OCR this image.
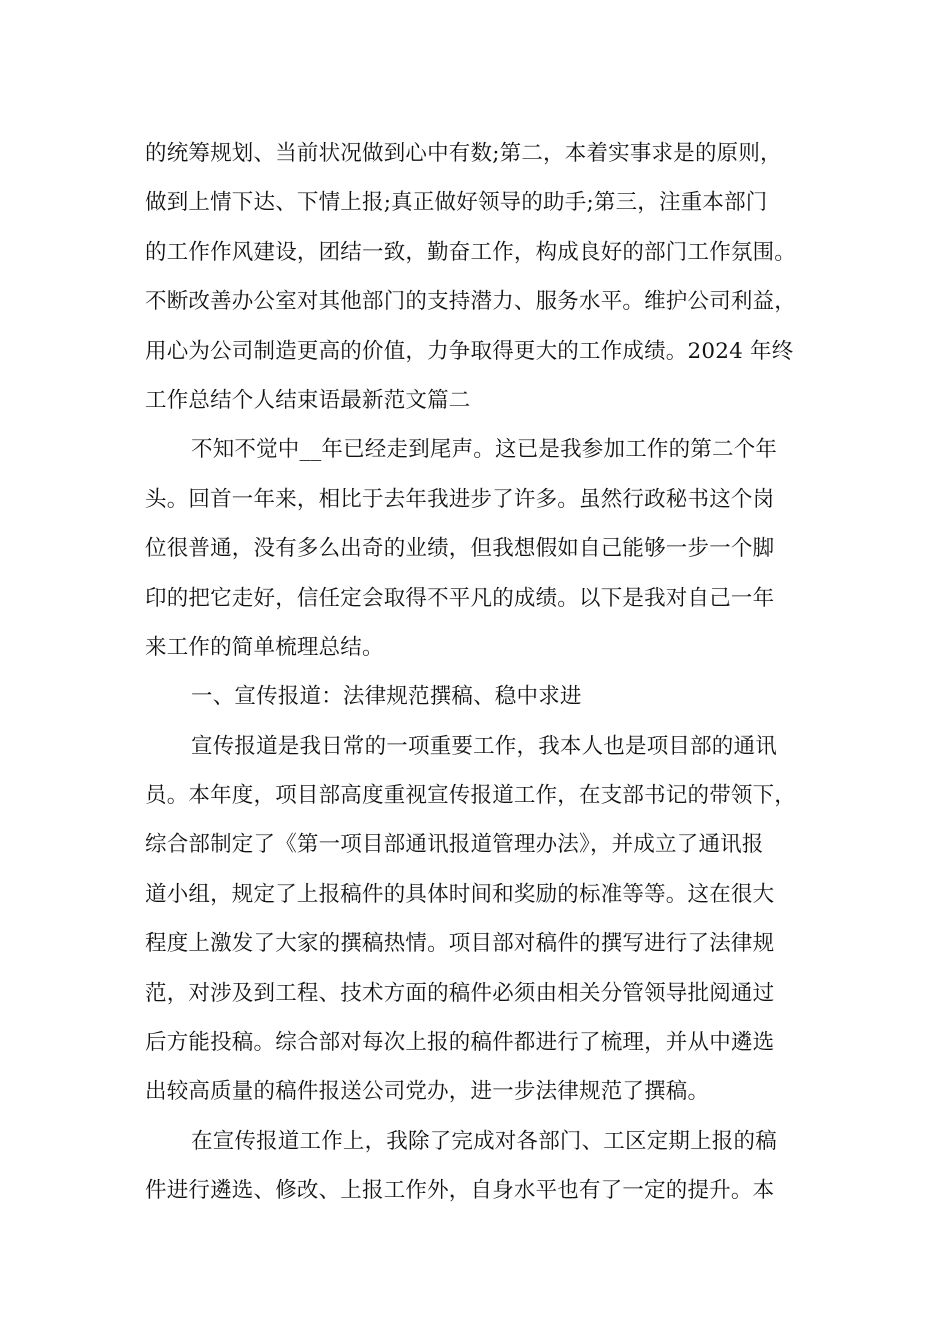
的统筹规划、当前状况做到心中有数;第二，本着实事求是的原则，
做到上情下达、下情上报;真正做好领导的助手;第三，注重本部门
的工作作风建设，团结一致，勤奋工作，构成良好的部门工作氛围。
不断改善办公室对其他部门的支持潜力、服务水平。维护公司利益，
用心为公司制造更高的价值，力争取得更大的工作成绩。2024 年终
工作总结个人结束语最新范文篇二
不知不觉中__年已经走到尾声。这已是我参加工作的第二个年
头。回首一年来，相比于去年我进步了许多。虽然行政秘书这个岗
位很普通，没有多么出奇的业绩，但我想假如自己能够一步一个脚
印的把它走好，信任定会取得不平凡的成绩。以下是我对自己一年
来工作的简单梳理总结。
一、宣传报道：法律规范撰稿、稳中求进
宣传报道是我日常的一项重要工作，我本人也是项目部的通讯
员。本年度，项目部高度重视宣传报道工作，在支部书记的带领下，
综合部制定了《第一项目部通讯报道管理办法》，并成立了通讯报
道小组，规定了上报稿件的具体时间和奖励的标准等等。这在很大
程度上激发了大家的撰稿热情。项目部对稿件的撰写进行了法律规
范，对涉及到工程、技术方面的稿件必须由相关分管领导批阅通过
后方能投稿。综合部对每次上报的稿件都进行了梳理，并从中遴选
出较高质量的稿件报送公司党办，进一步法律规范了撰稿。
在宣传报道工作上，我除了完成对各部门、工区定期上报的稿
件进行遴选、修改、上报工作外，自身水平也有了一定的提升。本
